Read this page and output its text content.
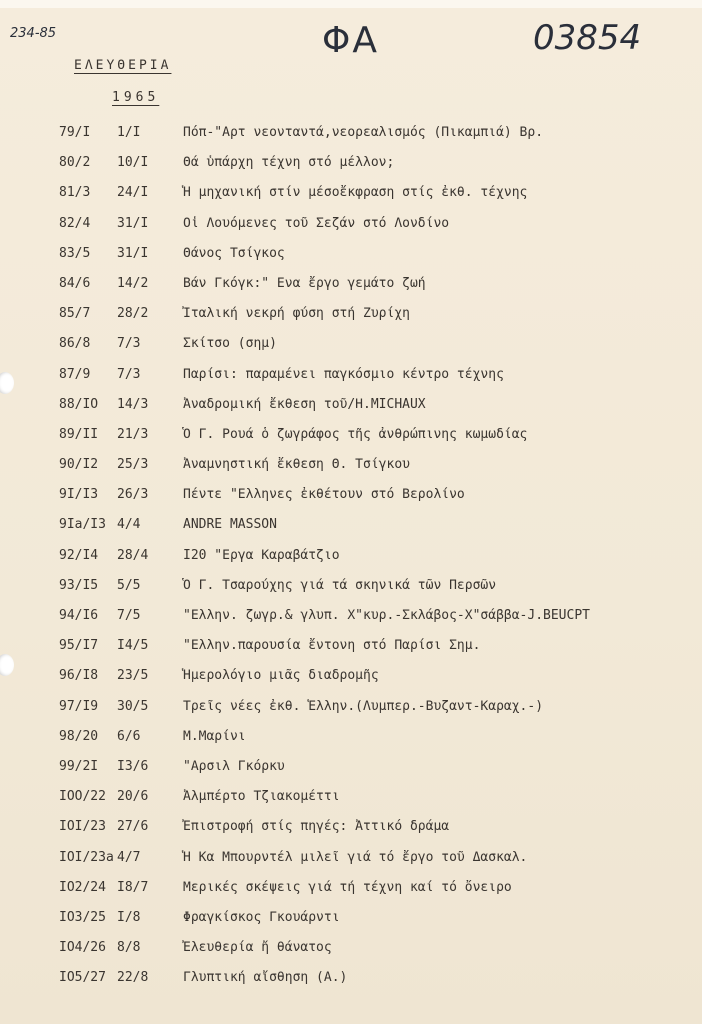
234-85	ΦΑ	03854
ΕΛΕΥΘΕΡΙΑ
1965
79/I 1/I	Πόπ-"Αρτ νεονταντά,νεορεαλισμός (Πικαμπιά) Βρ.
80/2 10/I	Θά ὑπάρχη τέχνη στό μέλλον;
81/3 24/I	Ἡ μηχανική στίν μέσοἔκφραση στίς ἐκθ. τέχνης
82/4 31/I	Οἱ Λουόμενες τοῦ Σεζάν στό Λονδίνο
83/5 31/I	Θάνος Τσίγκος
84/6 14/2	Βάν Γκόγκ:" Ενα ἔργο γεμάτο ζωή
85/7 28/2	Ἰταλική νεκρή φύση στή Ζυρίχη
86/8 7/3	Σκίτσο (σημ)
87/9 7/3	Παρίσι: παραμένει παγκόσμιο κέντρο τέχνης
88/IO 14/3	Ἀναδρομική ἔκθεση τοῦ/Η.MICHAUX
89/II 21/3	Ὁ Γ. Ρουά ὁ ζωγράφος τῆς ἀνθρώπινης κωμωδίας
90/I2 25/3	Ἀναμνηστική ἔκθεση Θ. Τσίγκου
9I/I3 26/3	Πέντε "Ελληνες ἐκθέτουν στό Βερολίνο
9Ia/I3 4/4	ANDRE MASSON
92/I4 28/4	I20 "Εργα Καραβάτζιο
93/I5 5/5	Ὁ Γ. Τσαρούχης γιά τά σκηνικά τῶν Περσῶν
94/I6 7/5	"Ελλην. ζωγρ.& γλυπ. Χ"κυρ.-Σκλάβος-Χ"σάββα-J.BEUCPT
95/I7 I4/5	"Ελλην.παρουσία ἔντονη στό Παρίσι Σημ.
96/I8 23/5	Ἡμερολόγιο μιᾶς διαδρομῆς
97/I9 30/5	Τρεῖς νέες ἐκθ. Ἑλλην.(Λυμπερ.-Βυζαντ-Καραχ.-)
98/20 6/6	Μ.Μαρίνι
99/2I I3/6	"Αρσιλ Γκόρκυ
IOO/22 20/6	Ἀλμπέρτο Τζιακομέττι
IOI/23 27/6	Ἐπιστροφή στίς πηγές: Ἀττικό δράμα
IOI/23a 4/7	Ἡ Κα Μπουρντέλ μιλεῖ γιά τό ἔργο τοῦ Δασκαλ.
IO2/24 I8/7	Μερικές σκέψεις γιά τή τέχνη καί τό ὄνειρο
IO3/25 I/8	Φραγκίσκος Γκουάρντι
IO4/26 8/8	Ἐλευθερία ἤ θάνατος
IO5/27 22/8	Γλυπτική αἴσθηση (Α.)
